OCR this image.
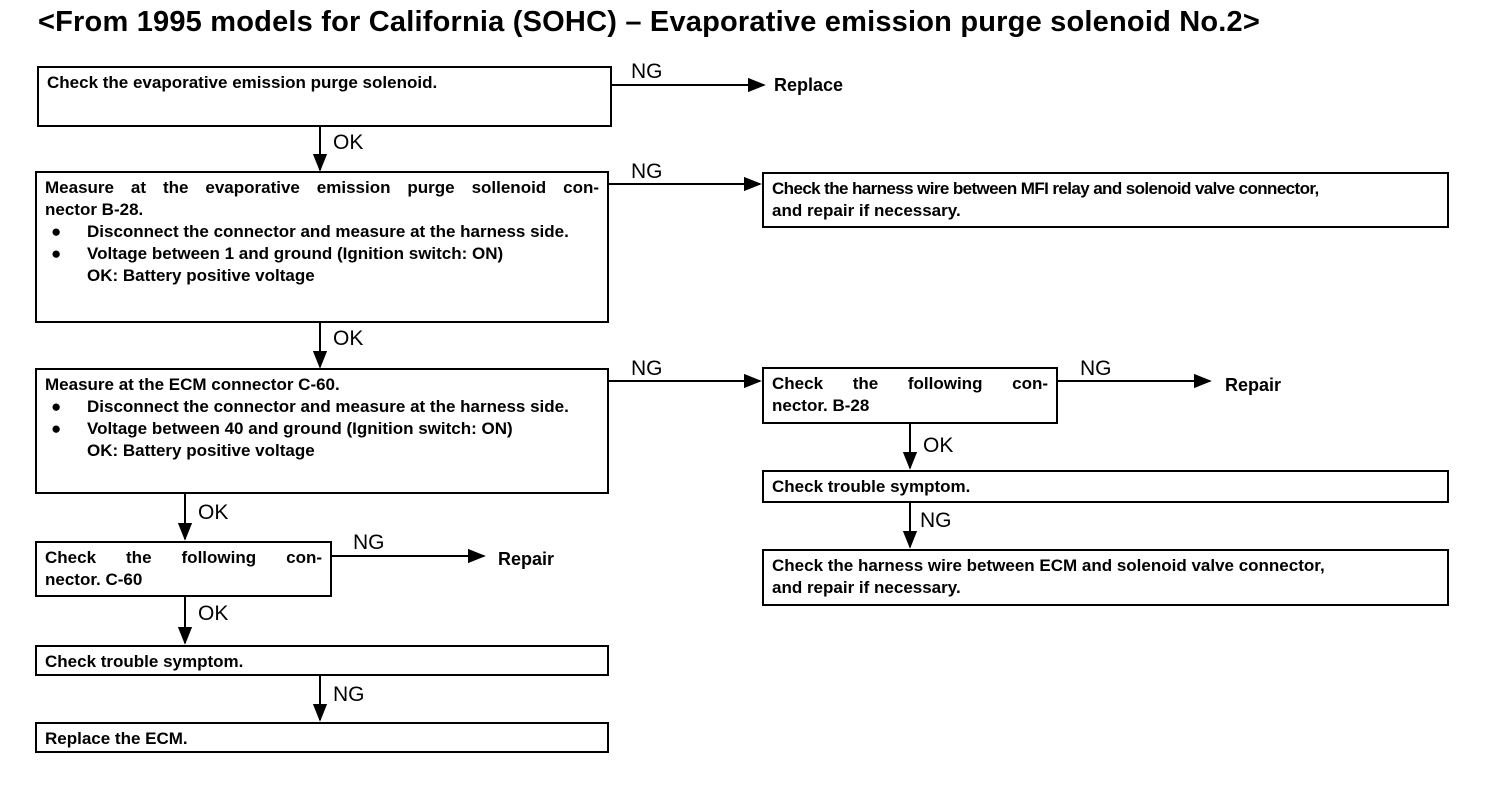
<From 1995 models for California (SOHC) – Evaporative emission purge solenoid No.2>

Check the evaporative emission purge solenoid.	NG
Replace
OK

Measure at the evaporative emission purge sollenoid con-

nector B-28.

● Disconnect the connector and measure at the harness side.

● Voltage between 1 and ground (Ignition switch: ON)

OK: Battery positive voltage

NG
OK

Measure at the ECM connector C-60.

● Disconnect the connector and measure at the harness side.

● Voltage between 40 and ground (Ignition switch: ON)

OK: Battery positive voltage

NG
OK

Check the following con-

nector. C-60

NG
Repair
OK

Check trouble symptom.

NG

Replace the ECM.

Check the harness wire between MFI relay and solenoid valve connector,

and repair if necessary.

Check the following con-

nector. B-28

NG
Repair
OK

Check trouble symptom.

NG

Check the harness wire between ECM and solenoid valve connector,

and repair if necessary.
